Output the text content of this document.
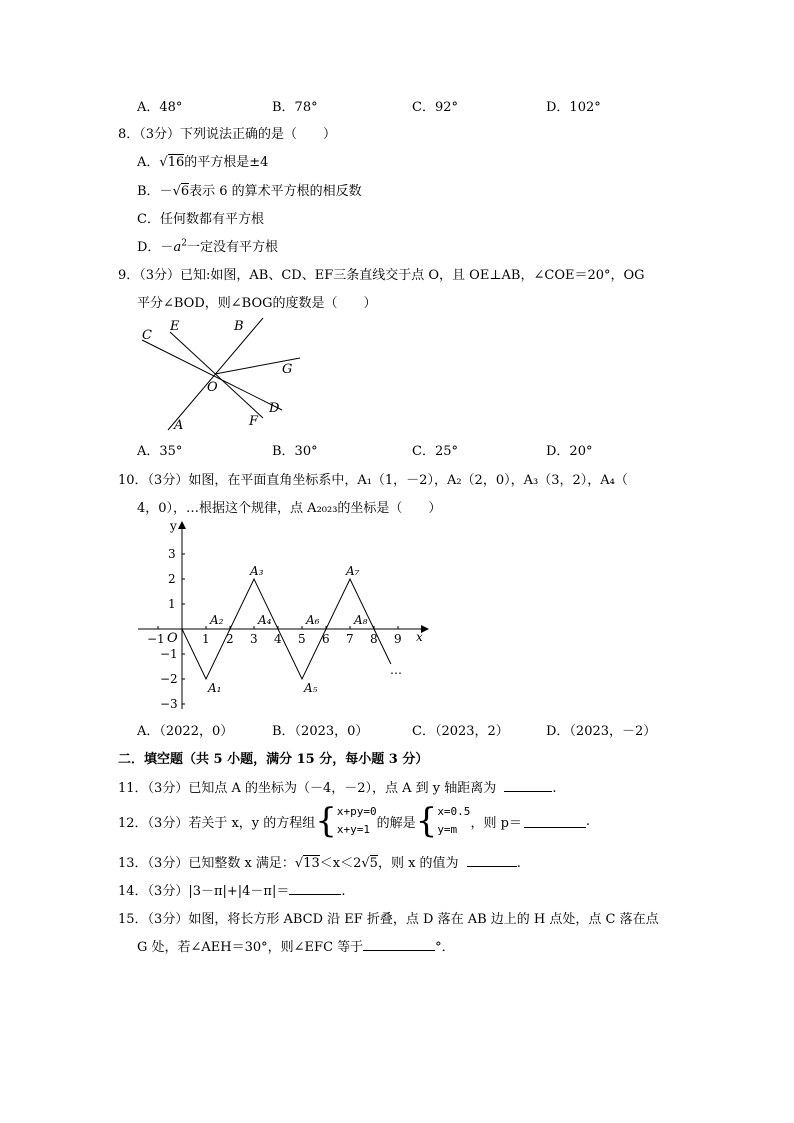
A．48°	B．78°	C．92°	D．102°
8．（3分）下列说法正确的是（　　）
A．√16的平方根是±4
B．－√6表示 6 的算术平方根的相反数
C．任何数都有平方根
D．$-a^2$一定没有平方根
9．（3分）已知:如图，AB、CD、EF三条直线交于点 O，且 OE⊥AB，∠COE＝20°，OG
平分∠BOD，则∠BOG的度数是（　　）
C
E	B
G
O
D
F
A
A．35°	B．30°	C．25°	D．20°
10．（3分）如图，在平面直角坐标系中，A₁（1，－2），A₂（2，0），A₃（3，2），A₄（
4，0），…根据这个规律，点 A₂₀₂₃的坐标是（　　）
x
y
O
−1	1 2 3 4 5 6 7 8 9
3
2
1
−1
−2
−3
A₁
A₂
A₃
A₄
A₅
A₆
A₇
A₈
…
A．（2022，0）	B．（2023，0）	C．（2023，2）	D．（2023，－2）
二．填空题（共 5 小题，满分 15 分，每小题 3 分）
11．（3分）已知点 A 的坐标为（－4，－2），点 A 到 y 轴距离为	.
12．（3分）若关于 x，y 的方程组 { x+py=0
x+y=1 的解是 { x=0.5
y=m	，则 p＝	.
13．（3分）已知整数 x 满足：√13＜x＜2√5，则 x 的值为	.
14．（3分）|3－π|+|4－π|＝	.
15．（3分）如图，将长方形 ABCD 沿 EF 折叠，点 D 落在 AB 边上的 H 点处，点 C 落在点
G 处，若∠AEH＝30°，则∠EFC 等于	°．
